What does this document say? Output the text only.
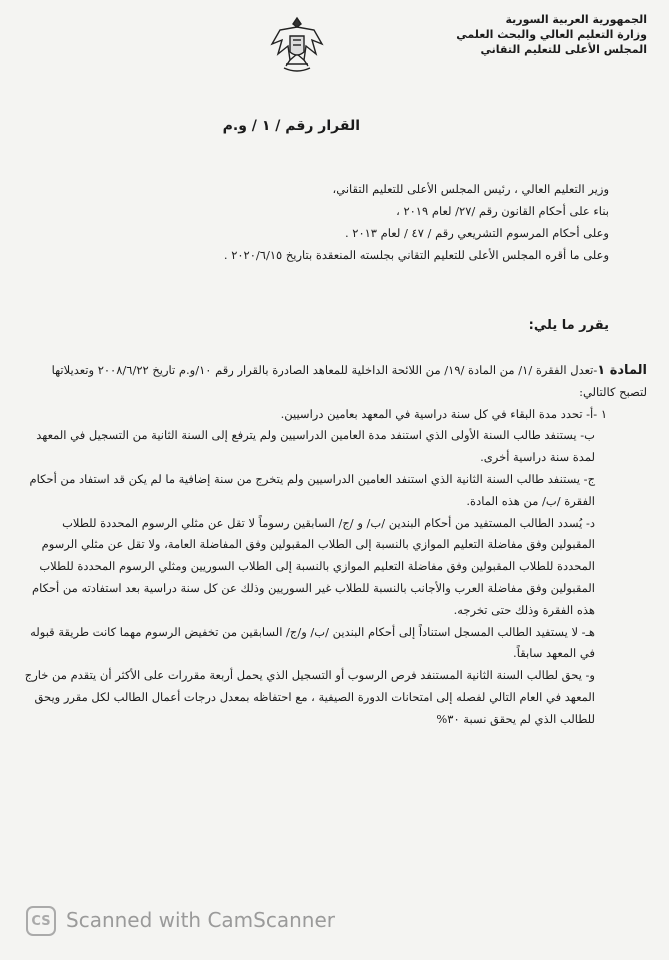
الجمهورية العربية السورية
وزارة التعليم العالي والبحث العلمي
المجلس الأعلى للتعليم التقاني
القرار رقم / ١ / و.م
وزير التعليم العالي ، رئيس المجلس الأعلى للتعليم التقاني،
بناء على أحكام القانون رقم /٢٧/ لعام ٢٠١٩ ،
وعلى أحكام المرسوم التشريعي رقم / ٤٧ / لعام ٢٠١٣ .
وعلى ما أقره المجلس الأعلى للتعليم التقاني بجلسته المنعقدة بتاريخ ٢٠٢٠/٦/١٥ .
يقرر ما يلي:
المادة ١-تعدل الفقرة /١/ من المادة /١٩/ من اللائحة الداخلية للمعاهد الصادرة بالقرار رقم ١٠/و.م تاريخ ٢٠٠٨/٦/٢٢ وتعديلاتها لتصبح كالتالي:
١ -أ- تحدد مدة البقاء في كل سنة دراسية في المعهد بعامين دراسيين.
ب- يستنفد طالب السنة الأولى الذي استنفد مدة العامين الدراسيين ولم يترفع إلى السنة الثانية من التسجيل في المعهد لمدة سنة دراسية أخرى.
ج- يستنفد طالب السنة الثانية الذي استنفد العامين الدراسيين ولم يتخرج من سنة إضافية ما لم يكن قد استفاد من أحكام الفقرة /ب/ من هذه المادة.
د- يُسدد الطالب المستفيد من أحكام البندين /ب/ و /ج/ السابقين رسوماً لا تقل عن مثلي الرسوم المحددة للطلاب المقبولين وفق مفاضلة التعليم الموازي بالنسبة إلى الطلاب المقبولين وفق المفاضلة العامة، ولا تقل عن مثلي الرسوم المحددة للطلاب المقبولين وفق مفاضلة التعليم الموازي بالنسبة إلى الطلاب السوريين ومثلي الرسوم المحددة للطلاب المقبولين وفق مفاضلة العرب والأجانب بالنسبة للطلاب غير السوريين وذلك عن كل سنة دراسية بعد استفادته من أحكام هذه الفقرة وذلك حتى تخرجه.
هـ- لا يستفيد الطالب المسجل استناداً إلى أحكام البندين /ب/ و/ج/ السابقين من تخفيض الرسوم مهما كانت طريقة قبوله في المعهد سابقاً.
و- يحق لطالب السنة الثانية المستنفد فرص الرسوب أو التسجيل الذي يحمل أربعة مقررات على الأكثر أن يتقدم من خارج المعهد في العام التالي لفصله إلى امتحانات الدورة الصيفية ، مع احتفاظه بمعدل درجات أعمال الطالب لكل مقرر ويحق للطالب الذي لم يحقق نسبة ٣٠%
CS Scanned with CamScanner
